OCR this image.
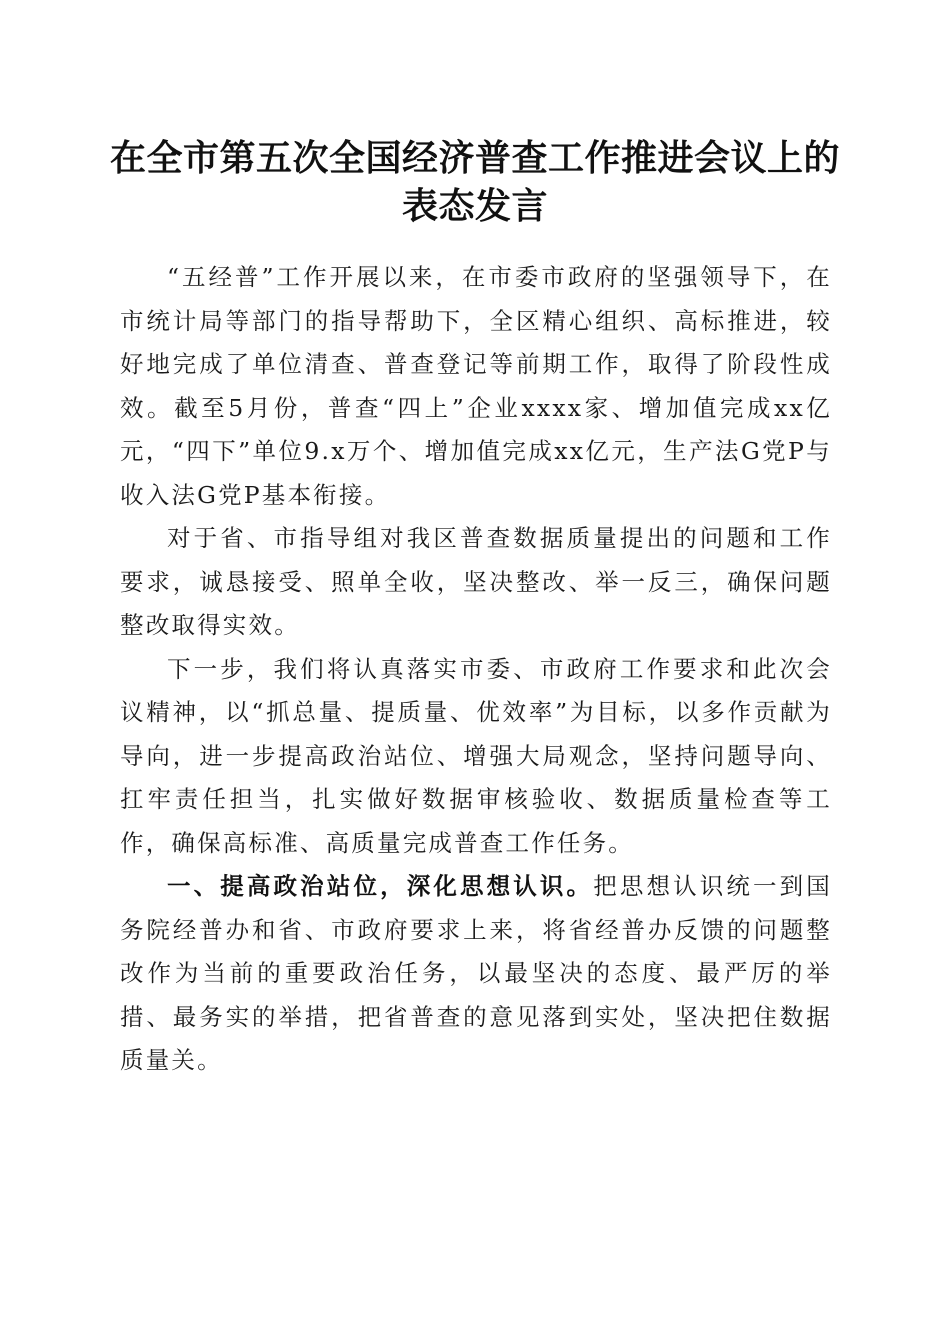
在全市第五次全国经济普查工作推进会议上的
表态发言

“五经普”工作开展以来，在市委市政府的坚强领导下，在市统计局等部门的指导帮助下，全区精心组织、高标推进，较好地完成了单位清查、普查登记等前期工作，取得了阶段性成效。截至5月份，普查“四上”企业xxxx家、增加值完成xx亿元，“四下”单位9.x万个、增加值完成xx亿元，生产法G党P与收入法G党P基本衔接。

对于省、市指导组对我区普查数据质量提出的问题和工作要求，诚恳接受、照单全收，坚决整改、举一反三，确保问题整改取得实效。

下一步，我们将认真落实市委、市政府工作要求和此次会议精神，以“抓总量、提质量、优效率”为目标，以多作贡献为导向，进一步提高政治站位、增强大局观念，坚持问题导向、扛牢责任担当，扎实做好数据审核验收、数据质量检查等工作，确保高标准、高质量完成普查工作任务。

一、提高政治站位，深化思想认识。把思想认识统一到国务院经普办和省、市政府要求上来，将省经普办反馈的问题整改作为当前的重要政治任务，以最坚决的态度、最严厉的举措、最务实的举措，把省普查的意见落到实处，坚决把住数据质量关。
